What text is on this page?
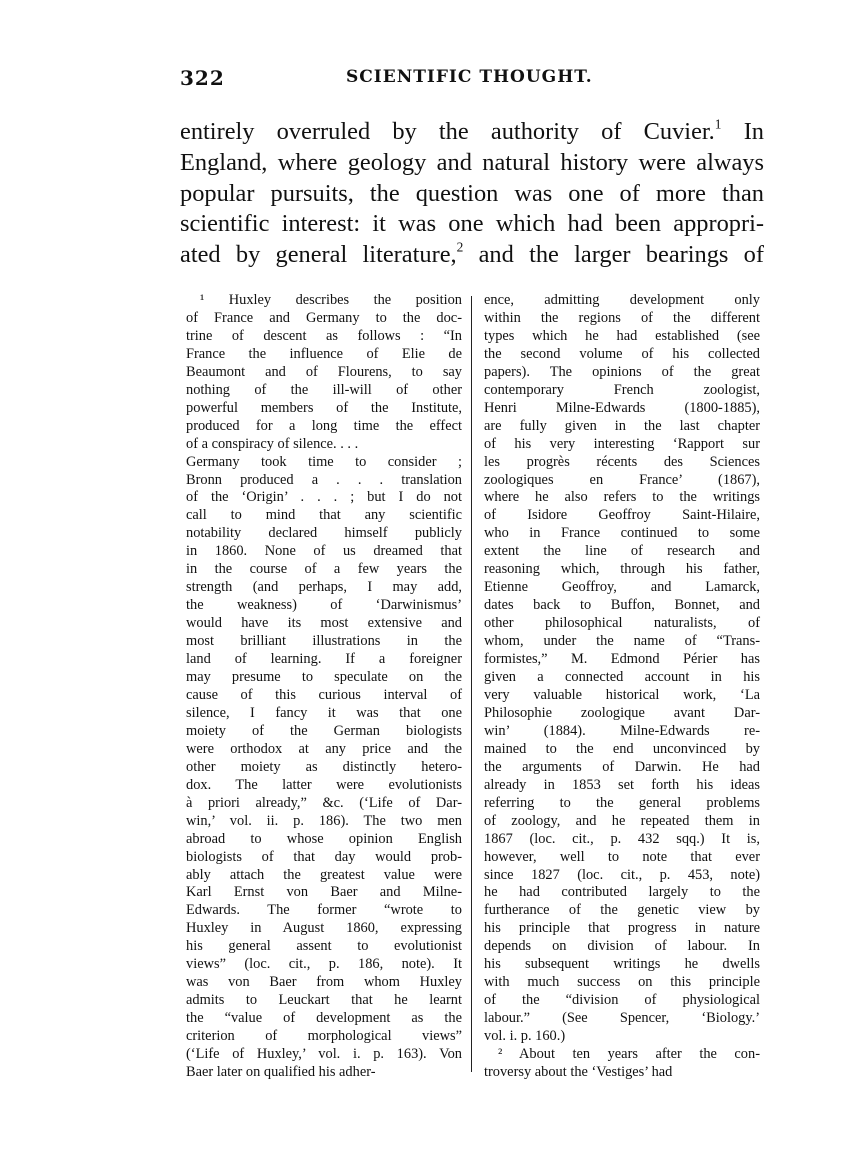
322	SCIENTIFIC THOUGHT.
entirely overruled by the authority of Cuvier.$^1$ In
England, where geology and natural history were always
popular pursuits, the question was one of more than
scientific interest: it was one which had been appropri-
ated by general literature,$^2$ and the larger bearings of
¹ Huxley describes the position
of France and Germany to the doc-
trine of descent as follows : “In
France the influence of Elie de
Beaumont and of Flourens, to say
nothing of the ill-will of other
powerful members of the Institute,
produced for a long time the effect
of a conspiracy of silence. . . .
Germany took time to consider ;
Bronn produced a . . . translation
of the ‘Origin’ . . . ; but I do not
call to mind that any scientific
notability declared himself publicly
in 1860. None of us dreamed that
in the course of a few years the
strength (and perhaps, I may add,
the weakness) of ‘Darwinismus’
would have its most extensive and
most brilliant illustrations in the
land of learning. If a foreigner
may presume to speculate on the
cause of this curious interval of
silence, I fancy it was that one
moiety of the German biologists
were orthodox at any price and the
other moiety as distinctly hetero-
dox. The latter were evolutionists
à priori already,” &c. (‘Life of Dar-
win,’ vol. ii. p. 186). The two men
abroad to whose opinion English
biologists of that day would prob-
ably attach the greatest value were
Karl Ernst von Baer and Milne-
Edwards. The former “wrote to
Huxley in August 1860, expressing
his general assent to evolutionist
views” (loc. cit., p. 186, note). It
was von Baer from whom Huxley
admits to Leuckart that he learnt
the “value of development as the
criterion of morphological views”
(‘Life of Huxley,’ vol. i. p. 163). Von
Baer later on qualified his adher-
ence, admitting development only
within the regions of the different
types which he had established (see
the second volume of his collected
papers). The opinions of the great
contemporary French zoologist,
Henri Milne-Edwards (1800-1885),
are fully given in the last chapter
of his very interesting ‘Rapport sur
les progrès récents des Sciences
zoologiques en France’ (1867),
where he also refers to the writings
of Isidore Geoffroy Saint-Hilaire,
who in France continued to some
extent the line of research and
reasoning which, through his father,
Etienne Geoffroy, and Lamarck,
dates back to Buffon, Bonnet, and
other philosophical naturalists, of
whom, under the name of “Trans-
formistes,” M. Edmond Périer has
given a connected account in his
very valuable historical work, ‘La
Philosophie zoologique avant Dar-
win’ (1884). Milne-Edwards re-
mained to the end unconvinced by
the arguments of Darwin. He had
already in 1853 set forth his ideas
referring to the general problems
of zoology, and he repeated them in
1867 (loc. cit., p. 432 sqq.) It is,
however, well to note that ever
since 1827 (loc. cit., p. 453, note)
he had contributed largely to the
furtherance of the genetic view by
his principle that progress in nature
depends on division of labour. In
his subsequent writings he dwells
with much success on this principle
of the “division of physiological
labour.” (See Spencer, ‘Biology.’
vol. i. p. 160.)
² About ten years after the con-
troversy about the ‘Vestiges’ had
